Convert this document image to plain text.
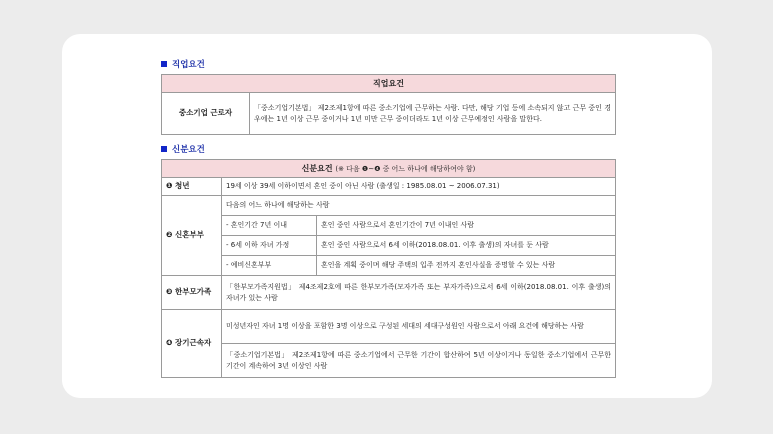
직업요건
직업요건
중소기업 근로자	「중소기업기본법」 제2조제1항에 따른 중소기업에 근무하는 사람. 다만, 해당 기업 등에 소속되지 않고 근무 중인 경우에는 1년 이상 근무 중이거나 1년 미만 근무 중이더라도 1년 이상 근무예정인 사람을 말한다.
신분요건
신분요건 (※ 다음 ❶~❹ 중 어느 하나에 해당하여야 함)		
❶ 청년	19세 이상 39세 이하이면서 혼인 중이 아닌 사람 (출생일 : 1985.08.01 ~ 2006.07.31)	
❷ 신혼부부	다음의 어느 하나에 해당하는 사람	
	- 혼인기간 7년 이내	혼인 중인 사람으로서 혼인기간이 7년 이내인 사람
	- 6세 이하 자녀 가정	혼인 중인 사람으로서 6세 이하(2018.08.01. 이후 출생)의 자녀를 둔 사람
	- 예비신혼부부	혼인을 계획 중이며 해당 주택의 입주 전까지 혼인사실을 증명할 수 있는 사람
❸ 한부모가족	「한부모가족지원법」 제4조제2호에 따른 한부모가족(모자가족 또는 부자가족)으로서 6세 이하(2018.08.01. 이후 출생)의 자녀가 있는 사람	
❹ 장기근속자	미성년자인 자녀 1명 이상을 포함한 3명 이상으로 구성된 세대의 세대구성원인 사람으로서 아래 요건에 해당하는 사람	
	「중소기업기본법」 제2조제1항에 따른 중소기업에서 근무한 기간이 합산하여 5년 이상이거나 동일한 중소기업에서 근무한 기간이 계속하여 3년 이상인 사람	
